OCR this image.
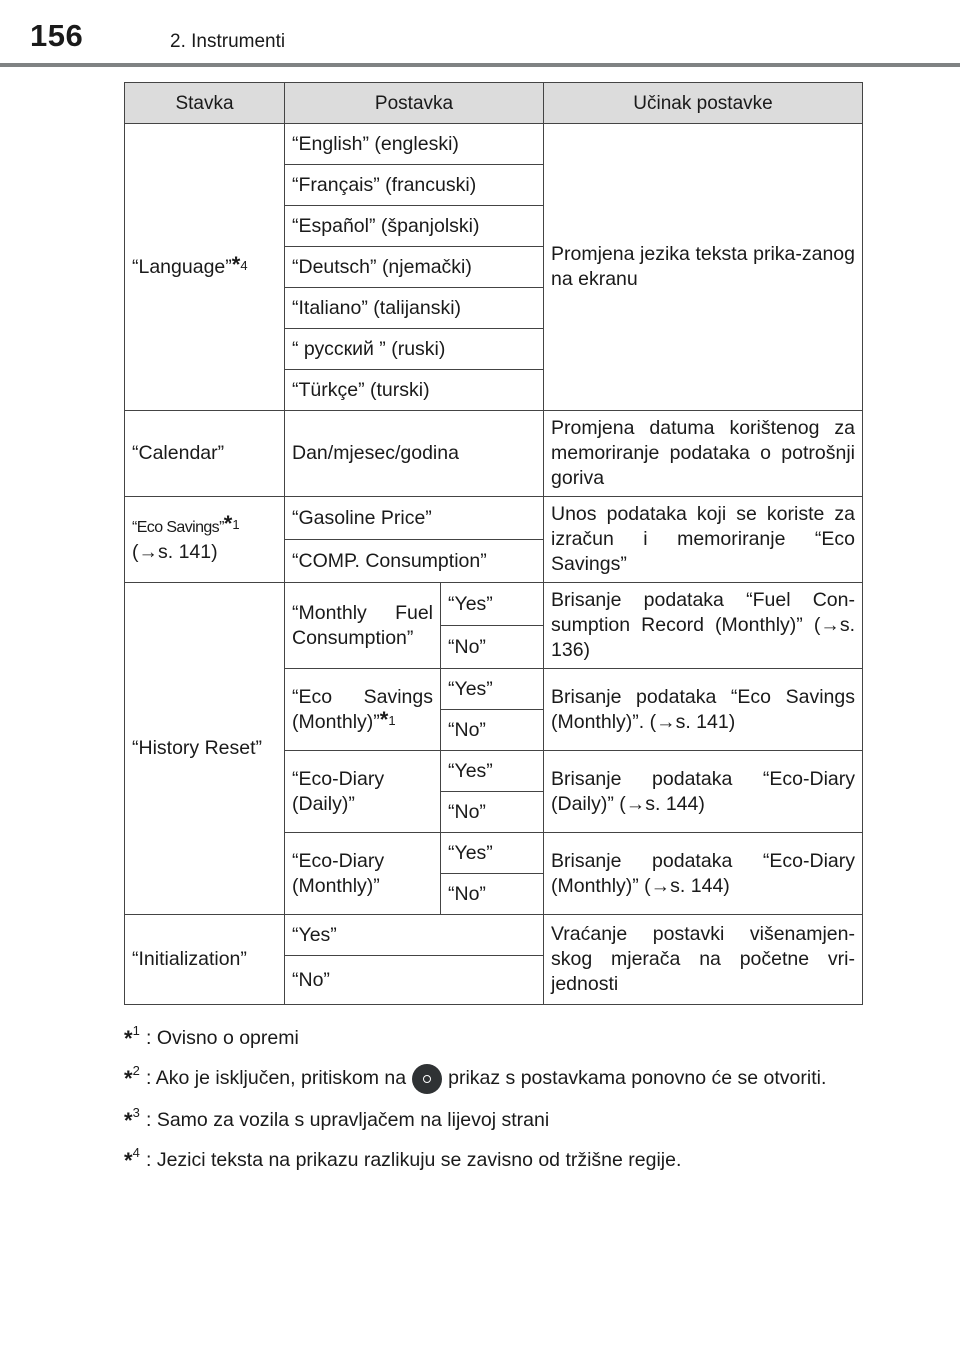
156	2. Instrumenti
Stavka	Postavka		Učinak postavke
“Language”*$^4$	“English” (engleski)		Promjena jezika teksta prika-zanog na ekranu
	“Français” (francuski)		
	“Español” (španjolski)		
	“Deutsch” (njemački)		
	“Italiano” (talijanski)		
	“ русский ” (ruski)		
	“Türkçe” (turski)		
“Calendar”	Dan/mjesec/godina		Promjena datuma korištenog za memoriranje podataka o potrošnji goriva
“Eco Savings”*$^1$
(→s. 141)	“Gasoline Price”		Unos podataka koji se koriste za izračun i memoriranje “Eco Savings”
	“COMP. Consumption”		
“History Reset”	“Monthly Fuel Consumption”	“Yes”	Brisanje podataka “Fuel Con-sumption Record (Monthly)” (→s. 136)
		“No”	
	“Eco Savings (Monthly)”*$^1$	“Yes”	Brisanje podataka “Eco Savings (Monthly)”. (→s. 141)
		“No”	
	“Eco-Diary (Daily)”	“Yes”	Brisanje podataka “Eco-Diary (Daily)” (→s. 144)
		“No”	
	“Eco-Diary (Monthly)”	“Yes”	Brisanje podataka “Eco-Diary (Monthly)” (→s. 144)
		“No”	
“Initialization”	“Yes”		Vraćanje postavki višenamjen-skog mjerača na početne vri-jednosti
	“No”		
*$^1$ : Ovisno o opremi
*$^2$ : Ako je isključen, pritiskom na prikaz s postavkama ponovno će se otvoriti.
*$^3$ : Samo za vozila s upravljačem na lijevoj strani
*$^4$ : Jezici teksta na prikazu razlikuju se zavisno od tržišne regije.
